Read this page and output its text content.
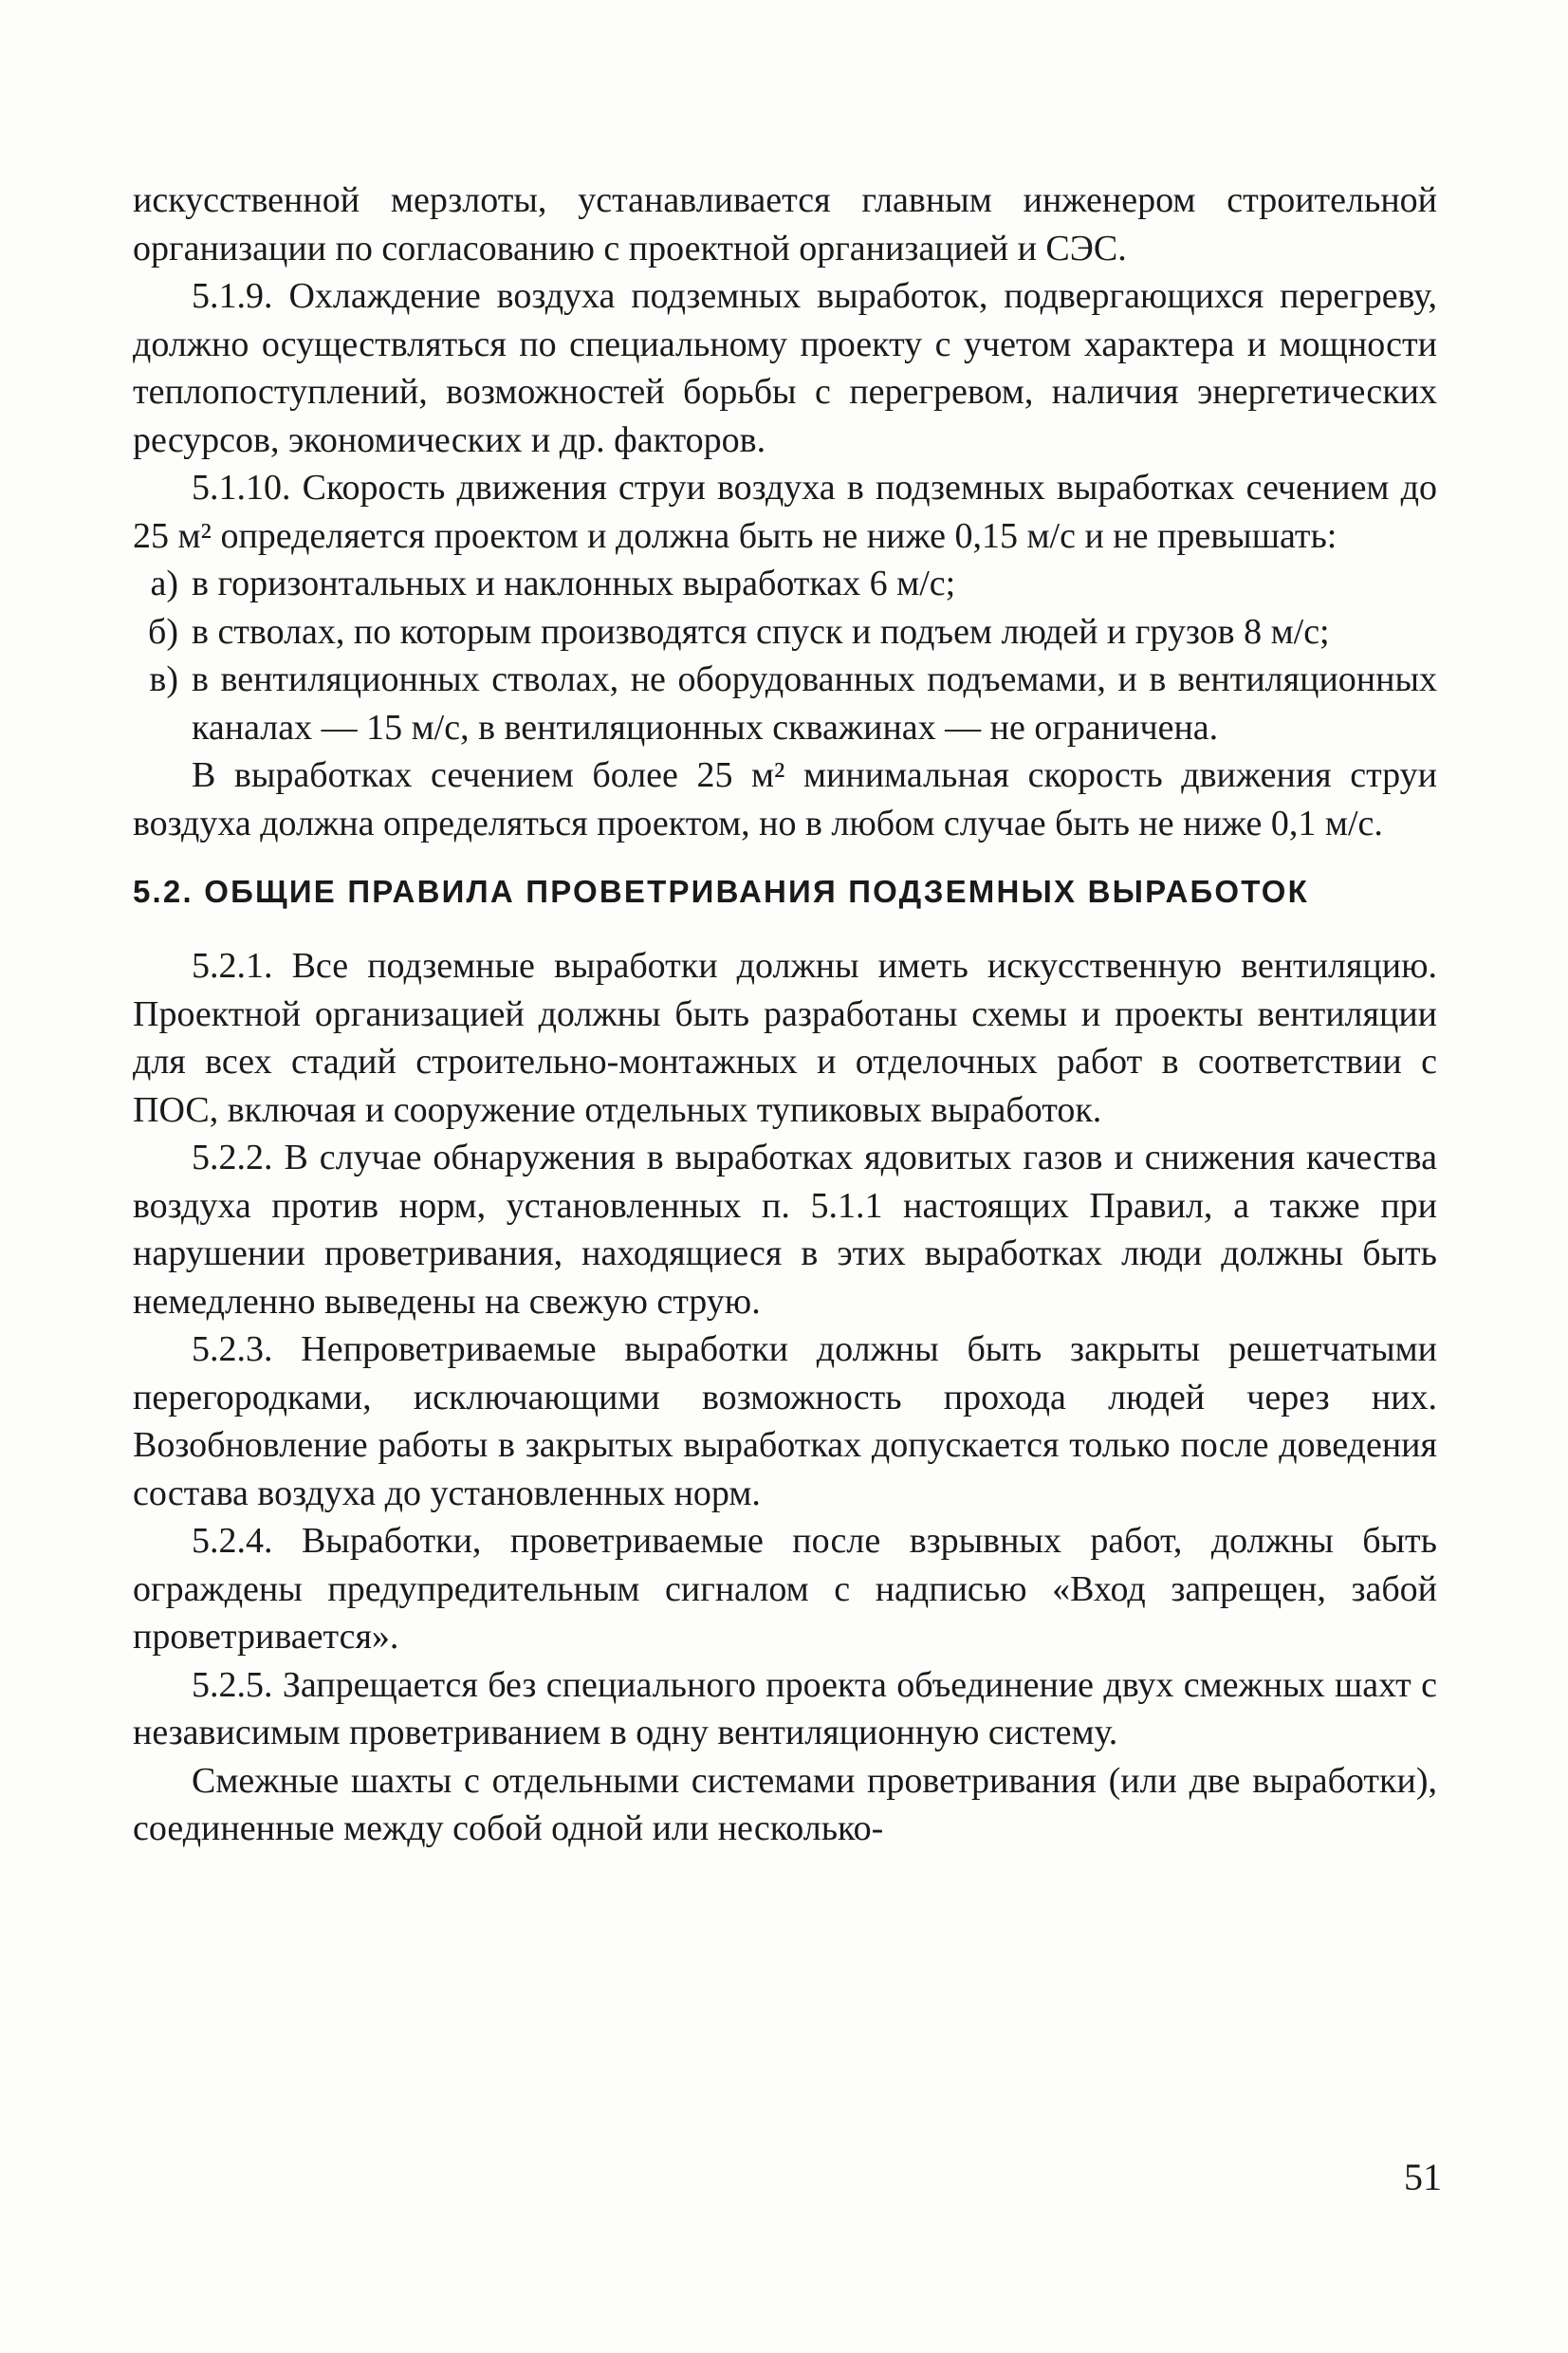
искусственной мерзлоты, устанавливается главным инженером строительной организации по согласованию с проектной организацией и СЭС.

5.1.9. Охлаждение воздуха подземных выработок, подвергающихся перегреву, должно осуществляться по специальному проекту с учетом характера и мощности теплопоступлений, возможностей борьбы с перегревом, наличия энергетических ресурсов, экономических и др. факторов.

5.1.10. Скорость движения струи воздуха в подземных выработках сечением до 25 м² определяется проектом и должна быть не ниже 0,15 м/с и не превышать:

а) в горизонтальных и наклонных выработках 6 м/с;
б) в стволах, по которым производятся спуск и подъем людей и грузов 8 м/с;
в) в вентиляционных стволах, не оборудованных подъемами, и в вентиляционных каналах — 15 м/с, в вентиляционных скважинах — не ограничена.

В выработках сечением более 25 м² минимальная скорость движения струи воздуха должна определяться проектом, но в любом случае быть не ниже 0,1 м/с.

5.2. ОБЩИЕ ПРАВИЛА ПРОВЕТРИВАНИЯ ПОДЗЕМНЫХ ВЫРАБОТОК

5.2.1. Все подземные выработки должны иметь искусственную вентиляцию. Проектной организацией должны быть разработаны схемы и проекты вентиляции для всех стадий строительно-монтажных и отделочных работ в соответствии с ПОС, включая и сооружение отдельных тупиковых выработок.

5.2.2. В случае обнаружения в выработках ядовитых газов и снижения качества воздуха против норм, установленных п. 5.1.1 настоящих Правил, а также при нарушении проветривания, находящиеся в этих выработках люди должны быть немедленно выведены на свежую струю.

5.2.3. Непроветриваемые выработки должны быть закрыты решетчатыми перегородками, исключающими возможность прохода людей через них. Возобновление работы в закрытых выработках допускается только после доведения состава воздуха до установленных норм.

5.2.4. Выработки, проветриваемые после взрывных работ, должны быть ограждены предупредительным сигналом с надписью «Вход запрещен, забой проветривается».

5.2.5. Запрещается без специального проекта объединение двух смежных шахт с независимым проветриванием в одну вентиляционную систему.

Смежные шахты с отдельными системами проветривания (или две выработки), соединенные между собой одной или несколько-

51
